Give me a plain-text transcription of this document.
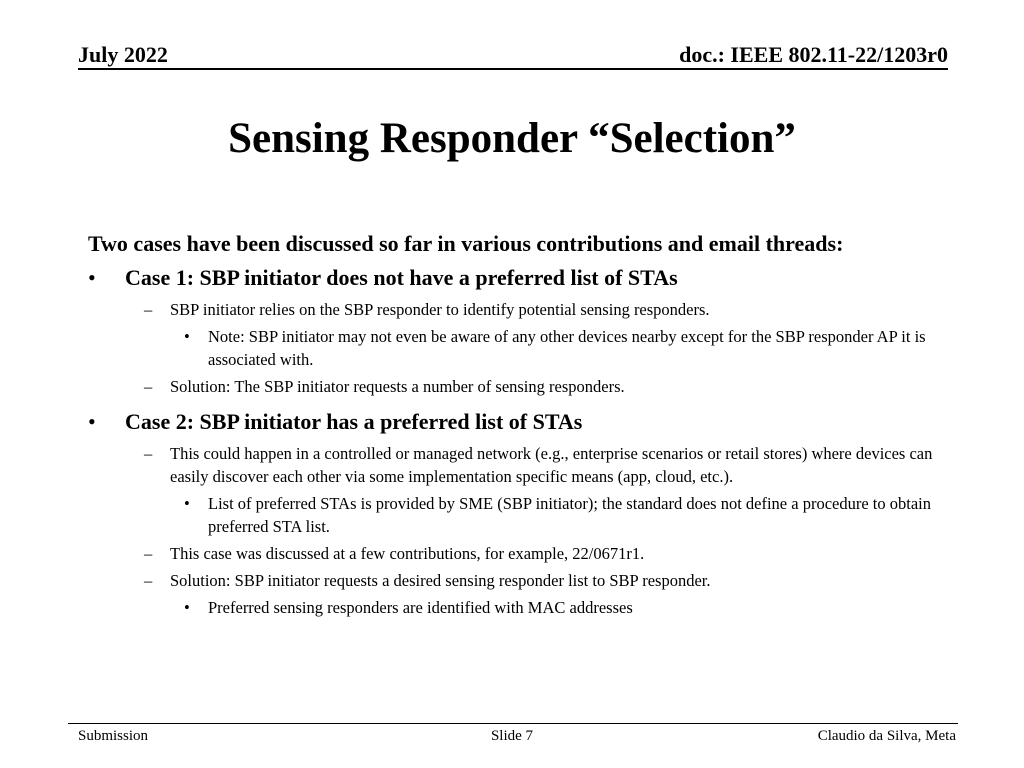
July 2022	doc.: IEEE 802.11-22/1203r0
Sensing Responder “Selection”
Two cases have been discussed so far in various contributions and email threads:
• Case 1: SBP initiator does not have a preferred list of STAs
– SBP initiator relies on the SBP responder to identify potential sensing responders.
• Note: SBP initiator may not even be aware of any other devices nearby except for the SBP responder AP it is associated with.
– Solution: The SBP initiator requests a number of sensing responders.
• Case 2: SBP initiator has a preferred list of STAs
– This could happen in a controlled or managed network (e.g., enterprise scenarios or retail stores) where devices can easily discover each other via some implementation specific means (app, cloud, etc.).
• List of preferred STAs is provided by SME (SBP initiator); the standard does not define a procedure to obtain preferred STA list.
– This case was discussed at a few contributions, for example, 22/0671r1.
– Solution: SBP initiator requests a desired sensing responder list to SBP responder.
• Preferred sensing responders are identified with MAC addresses
Submission	Slide 7	Claudio da Silva, Meta
